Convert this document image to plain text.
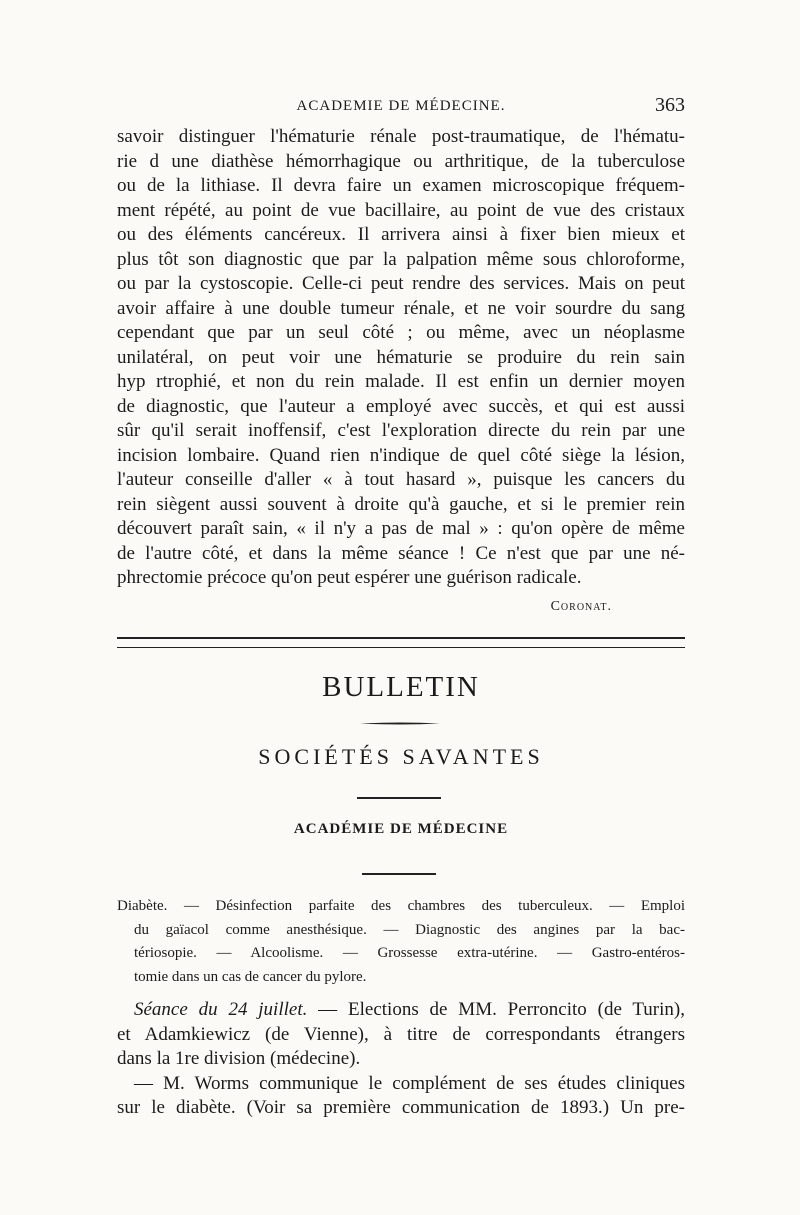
ACADEMIE DE MÉDECINE.	363
savoir distinguer l'hématurie rénale post-traumatique, de l'hématu-
rie d une diathèse hémorrhagique ou arthritique, de la tuberculose
ou de la lithiase. Il devra faire un examen microscopique fréquem-
ment répété, au point de vue bacillaire, au point de vue des cristaux
ou des éléments cancéreux. Il arrivera ainsi à fixer bien mieux et
plus tôt son diagnostic que par la palpation même sous chloroforme,
ou par la cystoscopie. Celle-ci peut rendre des services. Mais on peut
avoir affaire à une double tumeur rénale, et ne voir sourdre du sang
cependant que par un seul côté ; ou même, avec un néoplasme
unilatéral, on peut voir une hématurie se produire du rein sain
hyp rtrophié, et non du rein malade. Il est enfin un dernier moyen
de diagnostic, que l'auteur a employé avec succès, et qui est aussi
sûr qu'il serait inoffensif, c'est l'exploration directe du rein par une
incision lombaire. Quand rien n'indique de quel côté siège la lésion,
l'auteur conseille d'aller « à tout hasard », puisque les cancers du
rein siègent aussi souvent à droite qu'à gauche, et si le premier rein
découvert paraît sain, « il n'y a pas de mal » : qu'on opère de même
de l'autre côté, et dans la même séance ! Ce n'est que par une né-
phrectomie précoce qu'on peut espérer une guérison radicale.
Coronat.
BULLETIN
SOCIÉTÉS SAVANTES
ACADÉMIE DE MÉDECINE
Diabète. — Désinfection parfaite des chambres des tuberculeux. — Emploi
du gaïacol comme anesthésique. — Diagnostic des angines par la bac-
tériosopie. — Alcoolisme. — Grossesse extra-utérine. — Gastro-entéros-
tomie dans un cas de cancer du pylore.
Séance du 24 juillet. — Elections de MM. Perroncito (de Turin),
et Adamkiewicz (de Vienne), à titre de correspondants étrangers
dans la 1re division (médecine).
— M. Worms communique le complément de ses études cliniques
sur le diabète. (Voir sa première communication de 1893.) Un pre-
